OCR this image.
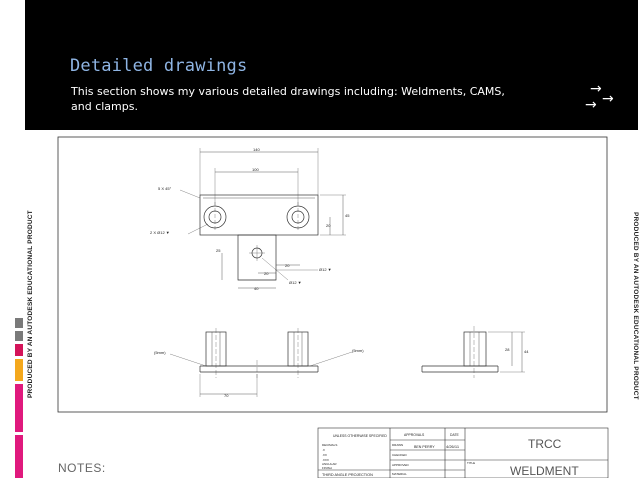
Detailed drawings
This section shows my various detailed drawings including: Weldments, CAMS, and clamps.
→
→
→
PRODUCED BY AN AUTODESK EDUCATIONAL PRODUCT	PRODUCED BY AN AUTODESK EDUCATIONAL PRODUCT
140
100
45
20
25
20
40
20
5 X 45°
2 X Ø12 ▼
Ø12 ▼
Ø12 ▼
70
(5mm)	(5mm)	28	44
UNLESS OTHERWISE SPECIFIED	APPROVALS	DATE
DRAWN	BEN PERRY	4/26/11
CHECKED
APPROVED
MATERIAL
TITLE
DECIMALS
.X
.XX
.XXX
ANGULAR
FINISH
THIRD ANGLE PROJECTION
TRCC
WELDMENT
NOTES:
